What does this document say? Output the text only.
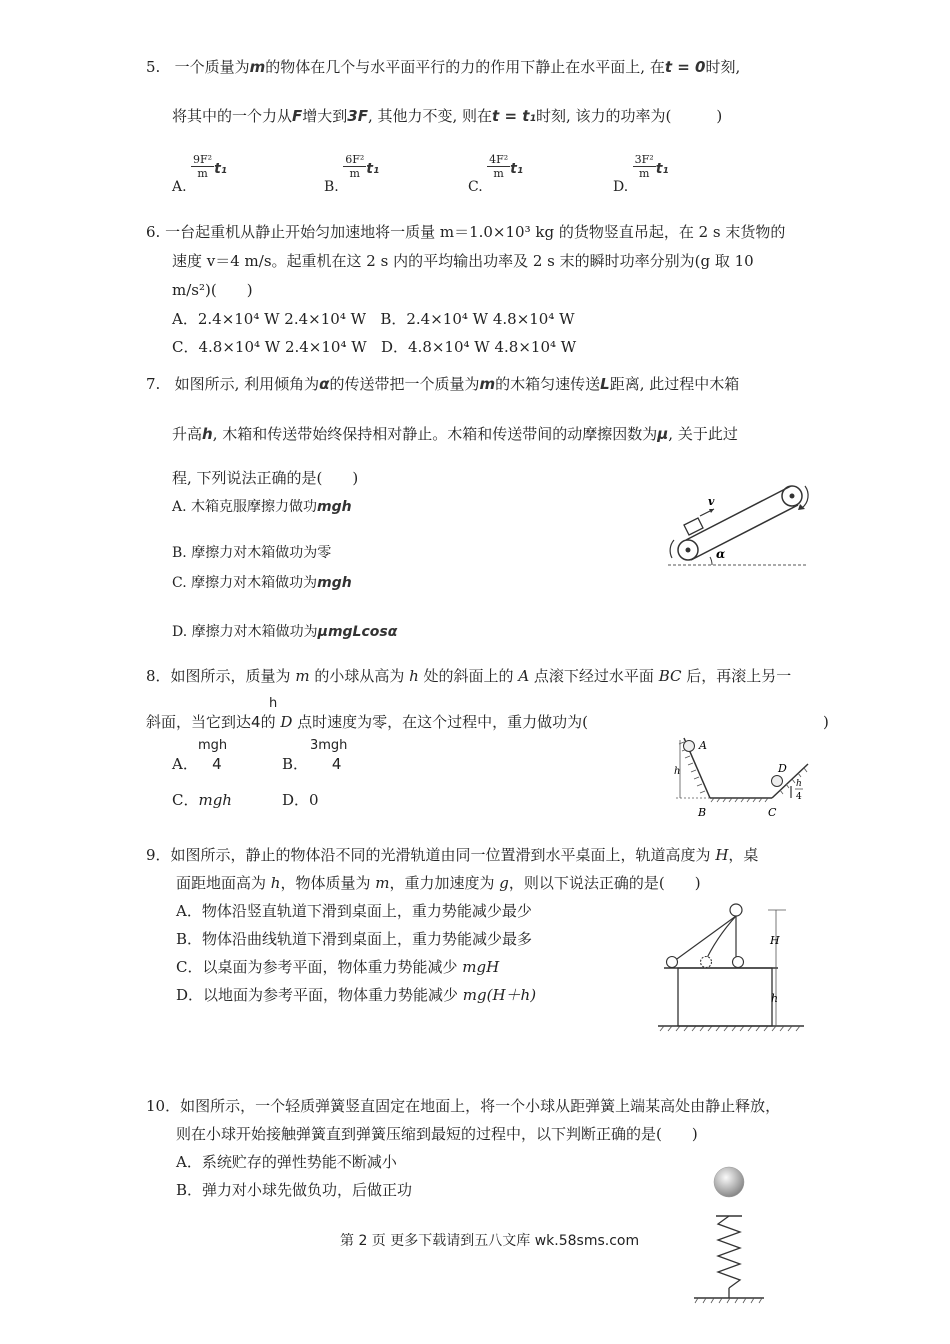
5. 一个质量为m的物体在几个与水平面平行的力的作用下静止在水平面上, 在t = 0时刻,
将其中的一个力从F增大到3F, 其他力不变, 则在t = t₁时刻, 该力的功率为(　　　)
A.
$\frac{\text{9F²}}{m} t_1$
B.
$\frac{\text{6F²}}{m} t_1$
C.
$\frac{\text{4F²}}{m} t_1$
D.
$\frac{\text{3F²}}{m} t_1$
6. 一台起重机从静止开始匀加速地将一质量 m＝1.0×10³ kg 的货物竖直吊起，在 2 s 末货物的
速度 v＝4 m/s。起重机在这 2 s 内的平均输出功率及 2 s 末的瞬时功率分别为(g 取 10
m/s²)(　　)
A．2.4×10⁴ W 2.4×10⁴ W B．2.4×10⁴ W 4.8×10⁴ W
C．4.8×10⁴ W 2.4×10⁴ W D．4.8×10⁴ W 4.8×10⁴ W
7. 如图所示, 利用倾角为α的传送带把一个质量为m的木箱匀速传送L距离, 此过程中木箱
升高h, 木箱和传送带始终保持相对静止。木箱和传送带间的动摩擦因数为μ, 关于此过
程, 下列说法正确的是(　　)
A. 木箱克服摩擦力做功mgh
B. 摩擦力对木箱做功为零
C. 摩擦力对木箱做功为mgh
D. 摩擦力对木箱做功为μmgLcosα
v
α
8．如图所示，质量为 m 的小球从高为 h 处的斜面上的 A 点滚下经过水平面 BC 后，再滚上另一
h
斜面，当它到达4的 D 点时速度为零，在这个过程中，重力做功为(	)
mgh
A． 4
3mgh
B． 4
C．mgh	D．0
h
A
B	C
D
h
4
9．如图所示，静止的物体沿不同的光滑轨道由同一位置滑到水平桌面上，轨道高度为 H，桌
面距地面高为 h，物体质量为 m，重力加速度为 g，则以下说法正确的是(　　)
A．物体沿竖直轨道下滑到桌面上，重力势能减少最少
B．物体沿曲线轨道下滑到桌面上，重力势能减少最多
C．以桌面为参考平面，物体重力势能减少 mgH
D．以地面为参考平面，物体重力势能减少 mg(H＋h)
H
h
10．如图所示，一个轻质弹簧竖直固定在地面上，将一个小球从距弹簧上端某高处由静止释放，
则在小球开始接触弹簧直到弹簧压缩到最短的过程中，以下判断正确的是(　　)
A．系统贮存的弹性势能不断减小
B．弹力对小球先做负功，后做正功
第 2 页 更多下载请到五八文库 wk.58sms.com
